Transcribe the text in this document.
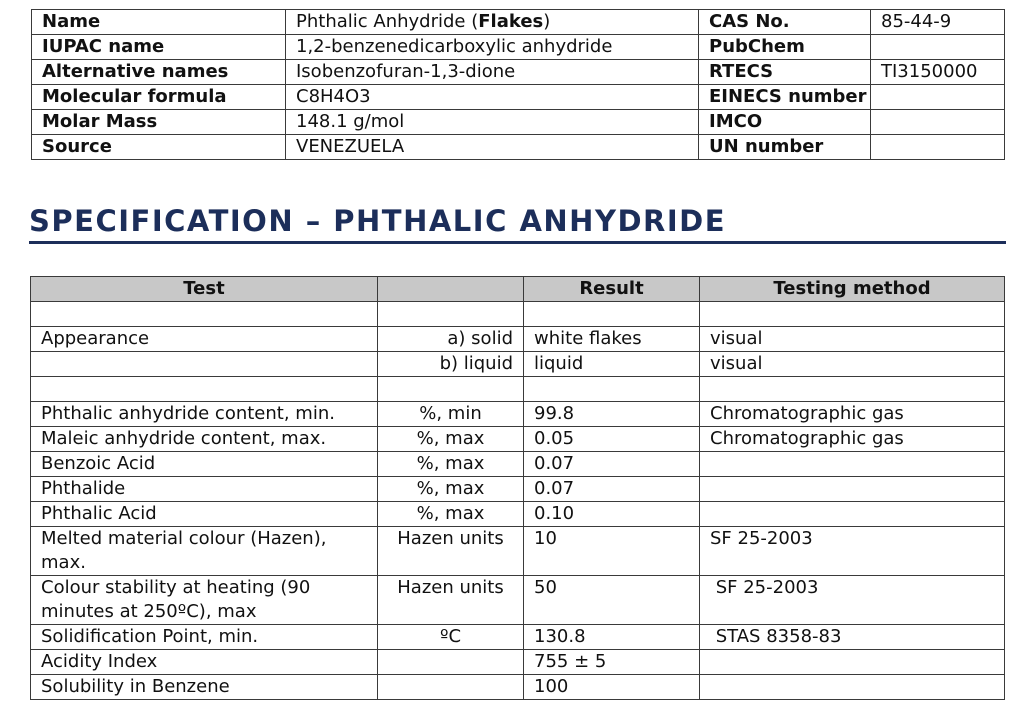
Name	Phthalic Anhydride (Flakes)	CAS No.	85-44-9
IUPAC name	1,2-benzenedicarboxylic anhydride	PubChem	
Alternative names	Isobenzofuran-1,3-dione	RTECS	TI3150000
Molecular formula	C8H4O3	EINECS number	
Molar Mass	148.1 g/mol	IMCO	
Source	VENEZUELA	UN number	
SPECIFICATION – PHTHALIC ANHYDRIDE
Test		Result	Testing method

Appearance	a) solid	white flakes	visual
	b) liquid	liquid	visual

Phthalic anhydride content, min.	%, min	99.8	Chromatographic gas
Maleic anhydride content, max.	%, max	0.05	Chromatographic gas
Benzoic Acid	%, max	0.07	
Phthalide	%, max	0.07	
Phthalic Acid	%, max	0.10	
Melted material colour (Hazen), max.	Hazen units	10	SF 25-2003
Colour stability at heating (90 minutes at 250ºC), max	Hazen units	50	SF 25-2003
Solidification Point, min.	ºC	130.8	STAS 8358-83
Acidity Index		755 ± 5	
Solubility in Benzene		100	
